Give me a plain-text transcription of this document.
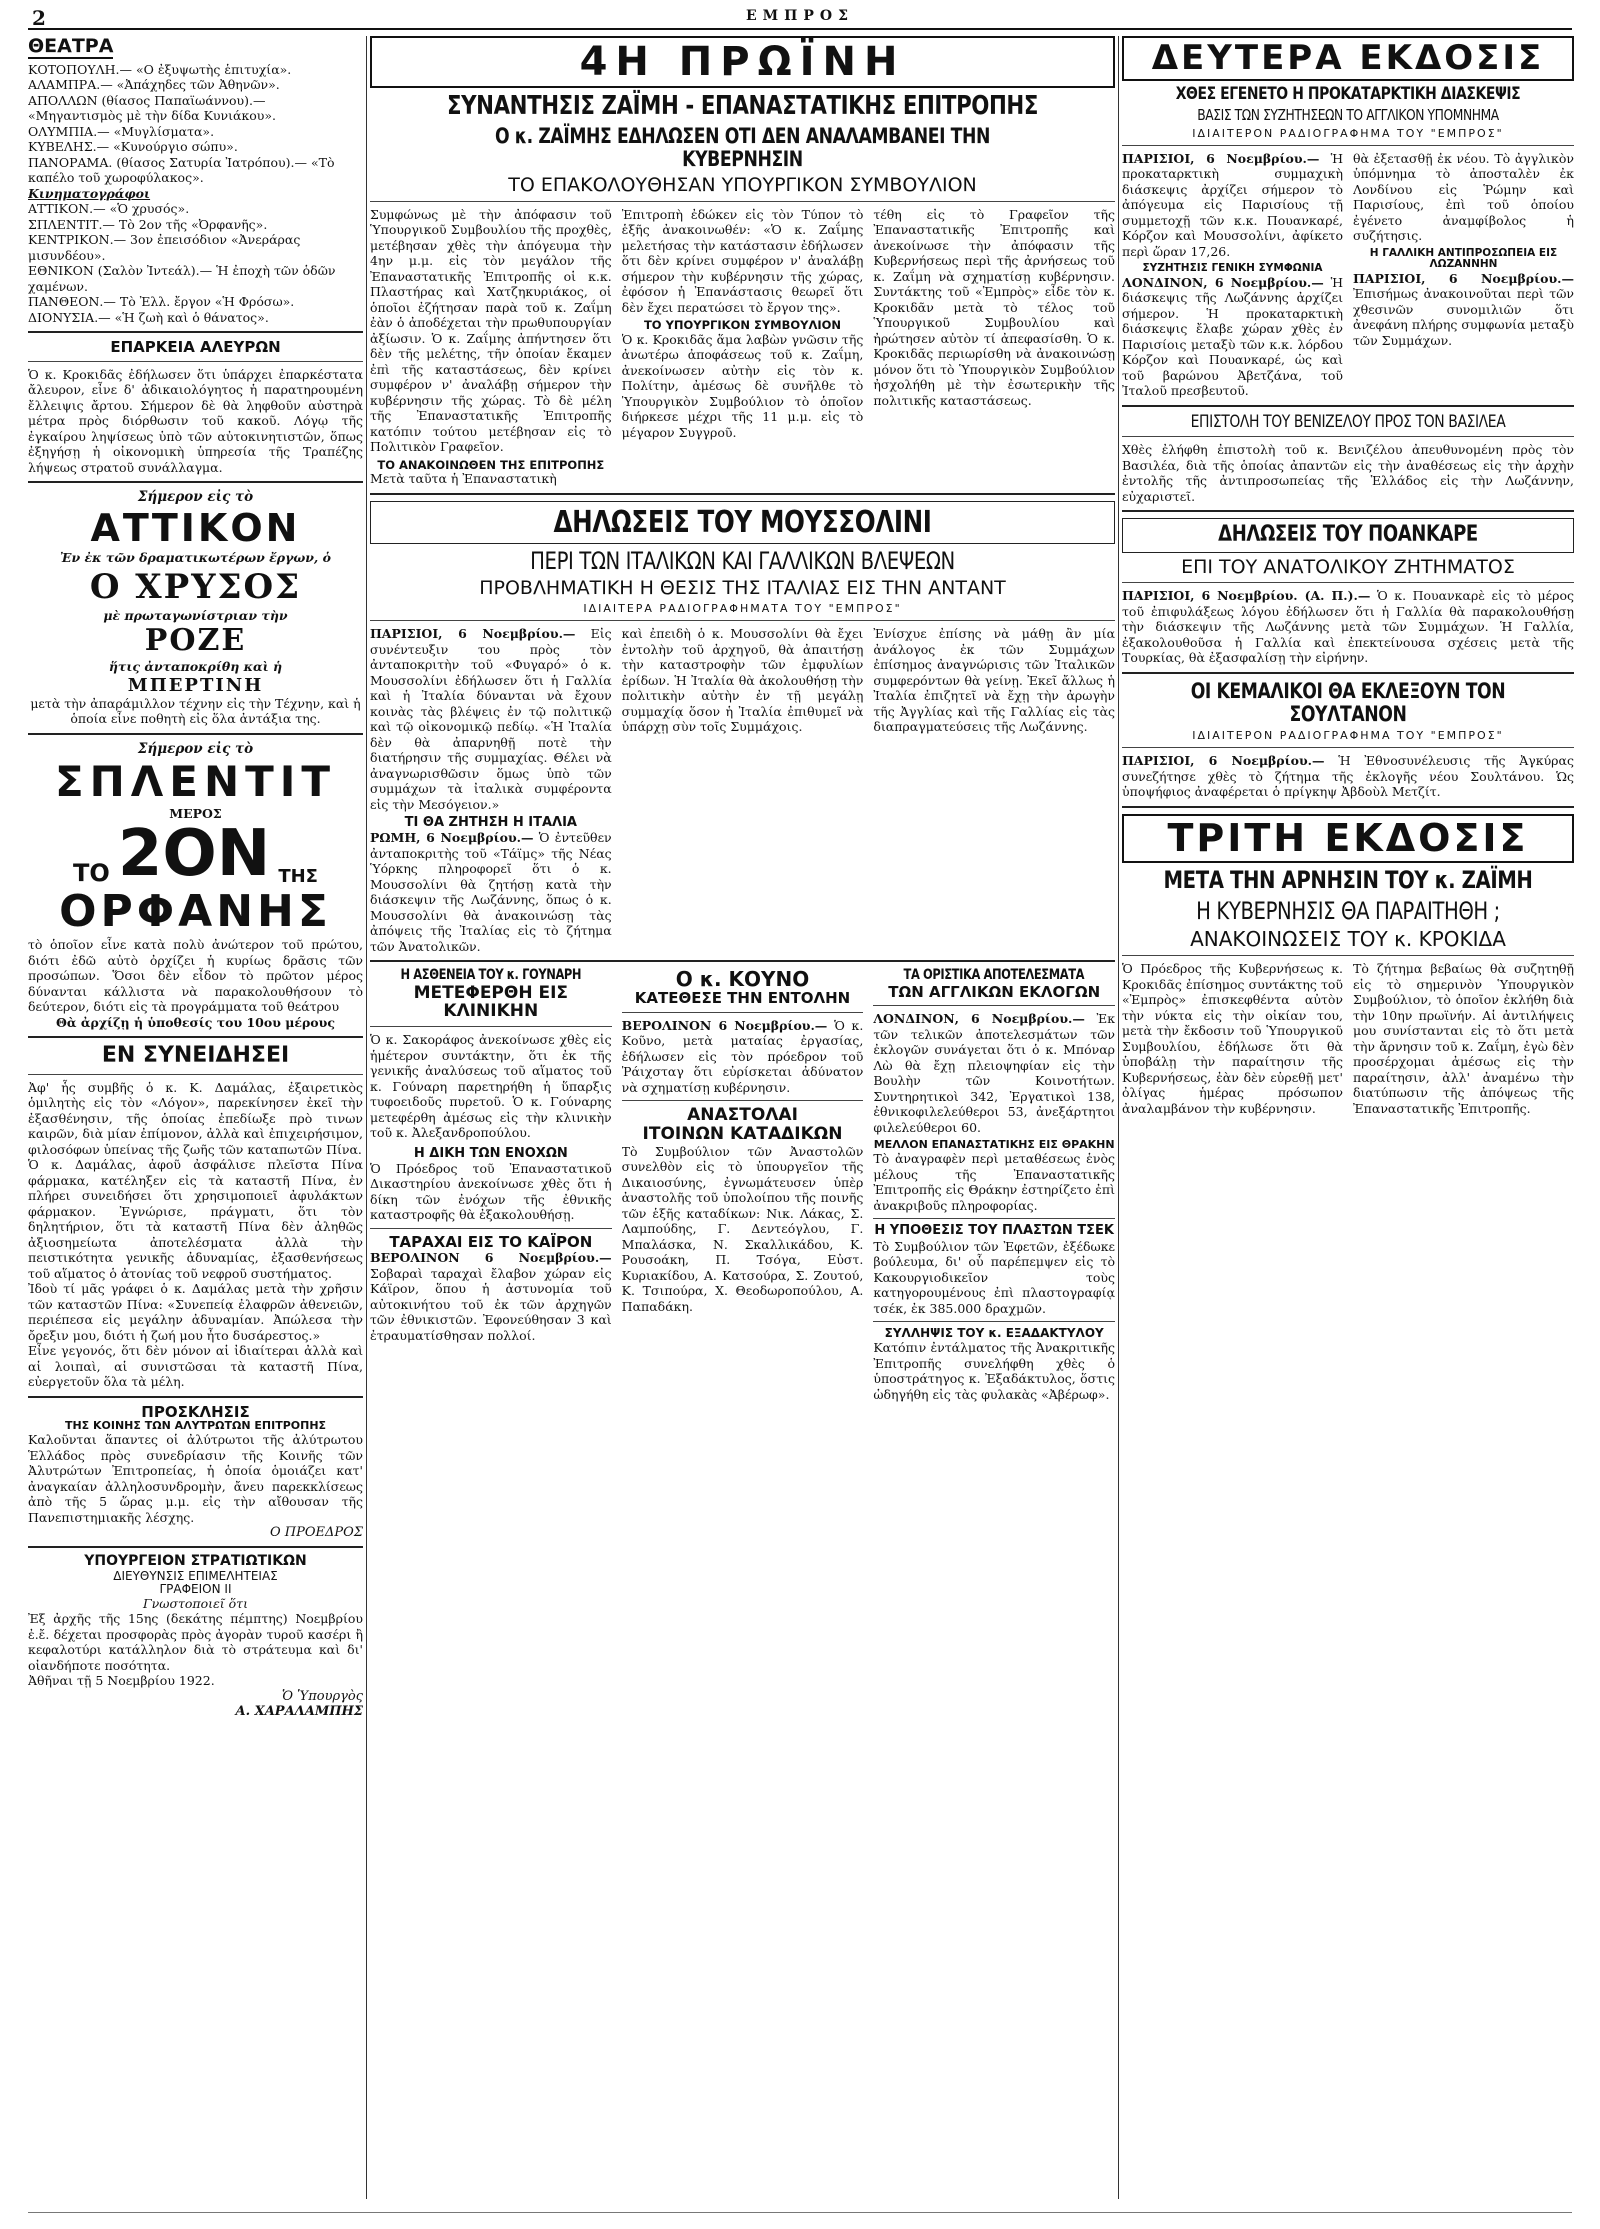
2	ΕΜΠΡΟΣ
ΘΕΑΤΡΑ
ΚΟΤΟΠΟΥΛΗ.— «Ο ἐξυψωτὴς ἑπιτυχία».
ΑΛΑΜΠΡΑ.— «Ἀπάχηδες τῶν Ἀθηνῶν».
ΑΠΟΛΛΩΝ (θίασος Παπαϊωάννου).— «Μηγαντισμὸς μὲ τὴν δίδα Κυνιάκου».
ΟΛΥΜΠΙΑ.— «Μυγλίσματα».
ΚΥΒΕΛΗΣ.— «Κυνούργιο σώπυ».
ΠΑΝΟΡΑΜΑ. (θίασος Σατυρία Ἰατρόπου).— «Τὸ καπέλο τοῦ χωροφύλακος».
Κινηματογράφοι
ΑΤΤΙΚΟΝ.— «Ὁ χρυσός».
ΣΠΛΕΝΤΙΤ.— Τὸ 2ον τῆς «Ὀρφανῆς».
ΚΕΝΤΡΙΚΟΝ.— 3ον ἐπεισόδιον «Ἀνεράρας μισυνδέου».
ΕΘΝΙΚΟΝ (Σαλὸν Ἰντεάλ).— Ἡ ἐποχὴ τῶν ὁδῶν χαμένων.
ΠΑΝΘΕΟΝ.— Τὸ Ἐλλ. ἔργον «Ἡ Φρόσω».
ΔΙΟΝΥΣΙΑ.— «Ἡ ζωὴ καὶ ὁ θάνατος».
ΕΠΑΡΚΕΙΑ ΑΛΕΥΡΩΝ

Ὁ κ. Κροκιδᾶς ἐδήλωσεν ὅτι ὑπάρχει ἐπαρκέστατα ἄλευρον, εἶνε δ' ἀδικαιολόγητος ἡ παρατηρουμένη ἔλλειψις ἄρτου. Σήμερον δὲ θὰ ληφθοῦν αὐστηρὰ μέτρα πρὸς διόρθωσιν τοῦ κακοῦ. Λόγῳ τῆς ἐγκαίρου ληψίσεως ὑπὸ τῶν αὐτοκινητιστῶν, ὅπως ἐξηγήσῃ ἡ οἰκονομικὴ ὑπηρεσία τῆς Τραπέζης λήψεως στρατοῦ συνάλλαγμα.

Σήμερον εἰς τὸ
ΑΤΤΙΚΟΝ
Ἐν ἐκ τῶν δραματικωτέρων ἔργων, ὁ
Ο ΧΡΥΣΟΣ
μὲ πρωταγωνίστριαν τὴν
ΡΟΖΕ
ἥτις ἀνταποκρίθη καὶ ἡ
ΜΠΕΡΤΙΝΗ
μετὰ τὴν ἀπαράμιλλον τέχνην εἰς τὴν Τέχνην, καὶ ἡ ὁποία εἶνε ποθητὴ εἰς ὅλα ἀντάξια της.
Σήμερον εἰς τὸ
ΣΠΛΕΝΤΙΤ
ΜΕΡΟΣ
ΤΟ 2ΟΝ ΤΗΣ
ΟΡΦΑΝΗΣ

τὸ ὁποῖον εἶνε κατὰ πολὺ ἀνώτερον τοῦ πρώτου, διότι ἐδῶ αὐτὸ ὀρχίζει ἡ κυρίως δρᾶσις τῶν προσώπων. Ὅσοι δὲν εἶδον τὸ πρῶτον μέρος δύνανται κάλλιστα νὰ παρακολουθήσουν τὸ δεύτερον, διότι εἰς τὰ προγράμματα τοῦ θεάτρου

Θὰ ἀρχίζῃ ἡ ὑποθεσίς του 10ου μέρους
ΕΝ ΣΥΝΕΙΔΗΣΕΙ

Ἀφ' ἧς συμβῆς ὁ κ. Κ. Δαμάλας, ἐξαιρετικὸς ὁμιλητὴς εἰς τὸν «Λόγον», παρεκίνησεν ἐκεῖ τὴν ἐξασθένησιν, τῆς ὁποίας ἐπεδίωξε πρὸ τινων καιρῶν, διὰ μίαν ἐπίμονον, ἀλλὰ καὶ ἐπιχειρήσιμον, φιλοσόφων ὑπείνας τῆς ζωῆς τῶν καταπωτῶν Πίνα.

Ὁ κ. Δαμάλας, ἀφοῦ ἀσφάλισε πλεῖστα Πίνα φάρμακα, κατέληξεν εἰς τὰ καταστῆ Πίνα, ἐν πλήρει συνειδήσει ὅτι χρησιμοποιεῖ ἀφυλάκτων φάρμακον. Ἐγνώρισε, πράγματι, ὅτι τὸν δηλητήριον, ὅτι τὰ καταστῆ Πίνα δὲν ἀληθῶς ἀξιοσημείωτα ἀποτελέσματα ἀλλὰ τὴν πειστικότητα γενικῆς ἀδυναμίας, ἐξασθενήσεως τοῦ αἵματος ὁ ἀτονίας τοῦ νεφροῦ συστήματος.

Ἰδοὺ τί μᾶς γράφει ὁ κ. Δαμάλας μετὰ τὴν χρῆσιν τῶν καταστῶν Πίνα: «Συνεπείᾳ ἐλαφρῶν ἀθενειῶν, περιέπεσα εἰς μεγάλην ἀδυναμίαν. Ἀπώλεσα τὴν ὄρεξιν μου, διότι ἡ ζωή μου ἦτο δυσάρεστος.»

Εἶνε γεγονός, ὅτι δὲν μόνον αἱ ἰδιαίτεραι ἀλλὰ καὶ αἱ λοιπαὶ, αἱ συνιστῶσαι τὰ καταστῆ Πίνα, εὐεργετοῦν ὅλα τὰ μέλη.

ΠΡΟΣΚΛΗΣΙΣ
ΤΗΣ ΚΟΙΝΗΣ ΤΩΝ ΑΛΥΤΡΩΤΩΝ ΕΠΙΤΡΟΠΗΣ

Καλοῦνται ἅπαντες οἱ ἀλύτρωτοι τῆς ἀλύτρωτου Ἑλλάδος πρὸς συνεδρίασιν τῆς Κοινῆς τῶν Ἀλυτρώτων Ἐπιτροπείας, ἡ ὁποία ὁμοιάζει κατ' ἀναγκαίαν ἀλληλοσυνδρομὴν, ἄνευ παρεκκλίσεως ἀπὸ τῆς 5 ὥρας μ.μ. εἰς τὴν αἴθουσαν τῆς Πανεπιστημιακῆς λέσχης.

Ο ΠΡΟΕΔΡΟΣ
ΥΠΟΥΡΓΕΙΟΝ ΣΤΡΑΤΙΩΤΙΚΩΝ
ΔΙΕΥΘΥΝΣΙΣ ΕΠΙΜΕΛΗΤΕΙΑΣ
ΓΡΑΦΕΙΟΝ ΙΙ
Γνωστοποιεῖ ὅτι

Ἐξ ἀρχῆς τῆς 15ης (δεκάτης πέμπτης) Νοεμβρίου ἐ.ἔ. δέχεται προσφορὰς πρὸς ἀγορὰν τυροῦ κασέρι ἢ κεφαλοτύρι κατάλληλον διὰ τὸ στράτευμα καὶ δι' οἰανδήποτε ποσότητα.

Ἀθῆναι τῇ 5 Νοεμβρίου 1922.
Ὁ Ὑπουργὸς
Α. ΧΑΡΑΛΑΜΠΗΣ
4Η ΠΡΩΪΝΗ
ΣΥΝΑΝΤΗΣΙΣ ΖΑΪΜΗ - ΕΠΑΝΑΣΤΑΤΙΚΗΣ ΕΠΙΤΡΟΠΗΣ
Ο κ. ΖΑΪΜΗΣ ΕΔΗΛΩΣΕΝ ΟΤΙ ΔΕΝ ΑΝΑΛΑΜΒΑΝΕΙ ΤΗΝ ΚΥΒΕΡΝΗΣΙΝ
ΤΟ ΕΠΑΚΟΛΟΥΘΗΣΑΝ ΥΠΟΥΡΓΙΚΟΝ ΣΥΜΒΟΥΛΙΟΝ

Συμφώνως μὲ τὴν ἀπόφασιν τοῦ Ὑπουργικοῦ Συμβουλίου τῆς προχθὲς, μετέβησαν χθὲς τὴν ἀπόγευμα τὴν 4ην μ.μ. εἰς τὸν μεγάλον τῆς Ἐπαναστατικῆς Ἐπιτροπῆς οἱ κ.κ. Πλαστήρας καὶ Χατζηκυριάκος, οἱ ὁποῖοι ἐζήτησαν παρὰ τοῦ κ. Ζαΐμη ἐὰν ὁ ἀποδέχεται τὴν πρωθυπουργίαν ἀξίωσιν. Ὁ κ. Ζαΐμης ἀπήντησεν ὅτι δὲν τῆς μελέτης, τῆν ὁποίαν ἔκαμεν ἐπὶ τῆς καταστάσεως, δὲν κρίνει συμφέρον ν' ἀναλάβῃ σήμερον τὴν κυβέρνησιν τῆς χώρας. Τὸ δὲ μέλη τῆς Ἐπαναστατικῆς Ἐπιτροπῆς κατόπιν τούτου μετέβησαν εἰς τὸ Πολιτικὸν Γραφεῖον.

ΤΟ ΑΝΑΚΟΙΝΩΘΕΝ ΤΗΣ ΕΠΙΤΡΟΠΗΣ

Μετὰ ταῦτα ἡ Ἐπαναστατικὴ

Ἐπιτροπὴ ἐδώκεν εἰς τὸν Τύπον τὸ ἑξῆς ἀνακοινωθέν: «Ὁ κ. Ζαΐμης μελετήσας τὴν κατάστασιν ἐδήλωσεν ὅτι δὲν κρίνει συμφέρον ν' ἀναλάβῃ σήμερον τὴν κυβέρνησιν τῆς χώρας, ἐφόσον ἡ Ἐπανάστασις θεωρεῖ ὅτι δὲν ἔχει περατώσει τὸ ἔργον της».

ΤΟ ΥΠΟΥΡΓΙΚΟΝ ΣΥΜΒΟΥΛΙΟΝ

Ὁ κ. Κροκιδᾶς ἅμα λαβὼν γνῶσιν τῆς ἀνωτέρω ἀποφάσεως τοῦ κ. Ζαΐμη, ἀνεκοίνωσεν αὐτὴν εἰς τὸν κ. Πολίτην, ἀμέσως δὲ συνῆλθε τὸ Ὑπουργικὸν Συμβούλιον τὸ ὁποῖον διήρκεσε μέχρι τῆς 11 μ.μ. εἰς τὸ μέγαρον Συγγροῦ.

τέθη εἰς τὸ Γραφεῖον τῆς Ἐπαναστατικῆς Ἐπιτροπῆς καὶ ἀνεκοίνωσε τὴν ἀπόφασιν τῆς Κυβερνήσεως περὶ τῆς ἀρνήσεως τοῦ κ. Ζαΐμη νὰ σχηματίσῃ κυβέρνησιν. Συντάκτης τοῦ «Ἐμπρὸς» εἶδε τὸν κ. Κροκιδᾶν μετὰ τὸ τέλος τοῦ Ὑπουργικοῦ Συμβουλίου καὶ ἠρώτησεν αὐτὸν τί ἀπεφασίσθη. Ὁ κ. Κροκιδᾶς περιωρίσθη νὰ ἀνακοινώσῃ μόνον ὅτι τὸ Ὑπουργικὸν Συμβούλιον ἠσχολήθη μὲ τὴν ἐσωτερικὴν τῆς πολιτικῆς καταστάσεως.

ΔΗΛΩΣΕΙΣ ΤΟΥ ΜΟΥΣΣΟΛΙΝΙ
ΠΕΡΙ ΤΩΝ ΙΤΑΛΙΚΩΝ ΚΑΙ ΓΑΛΛΙΚΩΝ ΒΛΕΨΕΩΝ
ΠΡΟΒΛΗΜΑΤΙΚΗ Η ΘΕΣΙΣ ΤΗΣ ΙΤΑΛΙΑΣ ΕΙΣ ΤΗΝ ΑΝΤΑΝΤ
ΙΔΙΑΙΤΕΡΑ ΡΑΔΙΟΓΡΑΦΗΜΑΤΑ ΤΟΥ "ΕΜΠΡΟΣ"

ΠΑΡΙΣΙΟΙ, 6 Νοεμβρίου.— Εἰς συνέντευξιν του πρὸς τὸν ἀνταποκριτὴν τοῦ «Φυγαρό» ὁ κ. Μουσσολίνι ἐδήλωσεν ὅτι ἡ Γαλλία καὶ ἡ Ἰταλία δύνανται νὰ ἔχουν κοινὰς τὰς βλέψεις ἐν τῷ πολιτικῷ καὶ τῷ οἰκονομικῷ πεδίῳ. «Ἡ Ἰταλία δὲν θὰ ἀπαρνηθῇ ποτὲ τὴν διατήρησιν τῆς συμμαχίας. Θέλει νὰ ἀναγνωρισθῶσιν ὅμως ὑπὸ τῶν συμμάχων τὰ ἰταλικὰ συμφέροντα εἰς τὴν Μεσόγειον.»

ΤΙ ΘΑ ΖΗΤΗΣΗ Η ΙΤΑΛΙΑ

ΡΩΜΗ, 6 Νοεμβρίου.— Ὁ ἐντεῦθεν ἀνταποκριτὴς τοῦ «Τάϊμς» τῆς Νέας Ὑόρκης πληροφορεῖ ὅτι ὁ κ. Μουσσολίνι θὰ ζητήσῃ κατὰ τὴν διάσκεψιν τῆς Λωζάννης, ὅπως ὁ κ. Μουσσολίνι θὰ ἀνακοινώσῃ τὰς ἀπόψεις τῆς Ἰταλίας εἰς τὸ ζήτημα τῶν Ἀνατολικῶν.

καὶ ἐπειδὴ ὁ κ. Μουσσολίνι θὰ ἔχει ἐντολὴν τοῦ ἀρχηγοῦ, θὰ ἀπαιτήσῃ τὴν καταστροφὴν τῶν ἐμφυλίων ἐρίδων. Ἡ Ἰταλία θὰ ἀκολουθήσῃ τὴν πολιτικὴν αὐτὴν ἐν τῇ μεγάλῃ συμμαχίᾳ ὅσον ἡ Ἰταλία ἐπιθυμεῖ νὰ ὑπάρχῃ σὺν τοῖς Συμμάχοις.

Ἐνίσχυε ἐπίσης νὰ μάθῃ ἂν μία ἀνάλογος ἐκ τῶν Συμμάχων ἐπίσημος ἀναγνώρισις τῶν Ἰταλικῶν συμφερόντων θὰ γείνῃ. Ἐκεῖ ἄλλως ἡ Ἰταλία ἐπιζητεῖ νὰ ἔχῃ τὴν ἀρωγὴν τῆς Ἀγγλίας καὶ τῆς Γαλλίας εἰς τὰς διαπραγματεύσεις τῆς Λωζάννης.

Η ΑΣΘΕΝΕΙΑ ΤΟΥ κ. ΓΟΥΝΑΡΗ
ΜΕΤΕΦΕΡΘΗ ΕΙΣ ΚΛΙΝΙΚΗΝ

Ὁ κ. Σακοράφος ἀνεκοίνωσε χθὲς εἰς ἡμέτερον συντάκτην, ὅτι ἐκ τῆς γενικῆς ἀναλύσεως τοῦ αἵματος τοῦ κ. Γούναρη παρετηρήθη ἡ ὕπαρξις τυφοειδοῦς πυρετοῦ. Ὁ κ. Γούναρης μετεφέρθη ἀμέσως εἰς τὴν κλινικὴν τοῦ κ. Ἀλεξανδροπούλου.

Η ΔΙΚΗ ΤΩΝ ΕΝΟΧΩΝ

Ὁ Πρόεδρος τοῦ Ἐπαναστατικοῦ Δικαστηρίου ἀνεκοίνωσε χθὲς ὅτι ἡ δίκη τῶν ἐνόχων τῆς ἐθνικῆς καταστροφῆς θὰ ἐξακολουθήσῃ.

ΤΑΡΑΧΑΙ ΕΙΣ ΤΟ ΚΑΪΡΟΝ

ΒΕΡΟΛΙΝΟΝ 6 Νοεμβρίου.— Σοβαραὶ ταραχαὶ ἔλαβον χώραν εἰς Κάϊρον, ὅπου ἡ ἀστυνομία τοῦ αὐτοκινήτου τοῦ ἐκ τῶν ἀρχηγῶν τῶν ἐθνικιστῶν. Ἐφονεύθησαν 3 καὶ ἐτραυματίσθησαν πολλοί.

Ο κ. ΚΟΥΝΟ
ΚΑΤΕΘΕΣΕ ΤΗΝ ΕΝΤΟΛΗΝ

ΒΕΡΟΛΙΝΟΝ 6 Νοεμβρίου.— Ὁ κ. Κοῦνο, μετὰ ματαίας ἐργασίας, ἐδήλωσεν εἰς τὸν πρόεδρον τοῦ Ῥάιχσταγ ὅτι εὐρίσκεται ἀδύνατον νὰ σχηματίσῃ κυβέρνησιν.

ΑΝΑΣΤΟΛΑΙ
ΙΤΟΙΝΩΝ ΚΑΤΑΔΙΚΩΝ

Τὸ Συμβούλιον τῶν Ἀναστολῶν συνελθὸν εἰς τὸ ὑπουργεῖον τῆς Δικαιοσύνης, ἐγνωμάτευσεν ὑπὲρ ἀναστολῆς τοῦ ὑπολοίπου τῆς ποινῆς τῶν ἑξῆς καταδίκων: Νικ. Λάκας, Σ. Λαμπούδης, Γ. Δεντεόγλου, Γ. Μπαλάσκα, Ν. Σκαλλικάδου, Κ. Ρουσοάκη, Π. Τσόγα, Εὐστ. Κυριακίδου, Α. Κατσούρα, Σ. Ζουτού, Κ. Τσιπούρα, Χ. Θεοδωροπούλου, Α. Παπαδάκη.

ΤΑ ΟΡΙΣΤΙΚΑ ΑΠΟΤΕΛΕΣΜΑΤΑ
ΤΩΝ ΑΓΓΛΙΚΩΝ ΕΚΛΟΓΩΝ

ΛΟΝΔΙΝΟΝ, 6 Νοεμβρίου.— Ἐκ τῶν τελικῶν ἀποτελεσμάτων τῶν ἐκλογῶν συνάγεται ὅτι ὁ κ. Μπόναρ Λὼ θὰ ἔχῃ πλειοψηφίαν εἰς τὴν Βουλὴν τῶν Κοινοτήτων. Συντηρητικοὶ 342, Ἐργατικοὶ 138, ἐθνικοφιλελεύθεροι 53, ἀνεξάρτητοι φιλελεύθεροι 60.

ΜΕΛΛΟΝ ΕΠΑΝΑΣΤΑΤΙΚΗΣ ΕΙΣ ΘΡΑΚΗΝ

Τὸ ἀναγραφὲν περὶ μεταθέσεως ἑνὸς μέλους τῆς Ἐπαναστατικῆς Ἐπιτροπῆς εἰς Θράκην ἐστηρίζετο ἐπὶ ἀνακριβοῦς πληροφορίας.

Η ΥΠΟΘΕΣΙΣ ΤΟΥ ΠΛΑΣΤΩΝ ΤΣΕΚ

Τὸ Συμβούλιον τῶν Ἐφετῶν, ἐξέδωκε βούλευμα, δι' οὗ παρέπεμψεν εἰς τὸ Κακουργιοδικεῖον τοὺς κατηγορουμένους ἐπὶ πλαστογραφίᾳ τσέκ, ἐκ 385.000 δραχμῶν.

ΣΥΛΛΗΨΙΣ ΤΟΥ κ. ΕΞΑΔΑΚΤΥΛΟΥ

Κατόπιν ἐντάλματος τῆς Ἀνακριτικῆς Ἐπιτροπῆς συνελήφθη χθὲς ὁ ὑποστράτηγος κ. Ἐξαδάκτυλος, ὅστις ὡδηγήθη εἰς τὰς φυλακὰς «Ἀβέρωφ».

ΔΕΥΤΕΡΑ ΕΚΔΟΣΙΣ
ΧΘΕΣ ΕΓΕΝΕΤΟ Η ΠΡΟΚΑΤΑΡΚΤΙΚΗ ΔΙΑΣΚΕΨΙΣ
ΒΑΣΙΣ ΤΩΝ ΣΥΖΗΤΗΣΕΩΝ ΤΟ ΑΓΓΛΙΚΟΝ ΥΠΟΜΝΗΜΑ
ΙΔΙΑΙΤΕΡΟΝ ΡΑΔΙΟΓΡΑΦΗΜΑ ΤΟΥ "ΕΜΠΡΟΣ"

ΠΑΡΙΣΙΟΙ, 6 Νοεμβρίου.— Ἡ προκαταρκτικὴ συμμαχικὴ διάσκεψις ἀρχίζει σήμερον τὸ ἀπόγευμα εἰς Παρισίους τῇ συμμετοχῇ τῶν κ.κ. Πουανκαρέ, Κόρζον καὶ Μουσσολίνι, ἀφίκετο περὶ ὥραν 17,26.

ΣΥΖΗΤΗΣΙΣ ΓΕΝΙΚΗ ΣΥΜΦΩΝΙΑ

ΛΟΝΔΙΝΟΝ, 6 Νοεμβρίου.— Ἡ διάσκεψις τῆς Λωζάννης ἀρχίζει σήμερον. Ἡ προκαταρκτικὴ διάσκεψις ἔλαβε χώραν χθὲς ἐν Παρισίοις μεταξὺ τῶν κ.κ. λόρδου Κόρζον καὶ Πουανκαρέ, ὡς καὶ τοῦ βαρώνου Ἀβετζάνα, τοῦ Ἰταλοῦ πρεσβευτοῦ.

θὰ ἐξετασθῇ ἐκ νέου. Τὸ ἀγγλικὸν ὑπόμνημα τὸ ἀποσταλὲν ἐκ Λονδίνου εἰς Ῥώμην καὶ Παρισίους, ἐπὶ τοῦ ὁποίου ἐγένετο ἀναμφίβολος ἡ συζήτησις.

Η ΓΑΛΛΙΚΗ ΑΝΤΙΠΡΟΣΩΠΕΙΑ ΕΙΣ ΛΩΖΑΝΝΗΝ

ΠΑΡΙΣΙΟΙ, 6 Νοεμβρίου.— Ἐπισήμως ἀνακοινοῦται περὶ τῶν χθεσινῶν συνομιλιῶν ὅτι ἀνεφάνη πλήρης συμφωνία μεταξὺ τῶν Συμμάχων.

ΕΠΙΣΤΟΛΗ ΤΟΥ ΒΕΝΙΖΕΛΟΥ ΠΡΟΣ ΤΟΝ ΒΑΣΙΛΕΑ

Χθὲς ἐλήφθη ἐπιστολὴ τοῦ κ. Βενιζέλου ἀπευθυνομένη πρὸς τὸν Βασιλέα, διὰ τῆς ὁποίας ἀπαντῶν εἰς τὴν ἀναθέσεως εἰς τὴν ἀρχὴν ἐντολῆς τῆς ἀντιπροσωπείας τῆς Ἑλλάδος εἰς τὴν Λωζάννην, εὐχαριστεῖ.

ΔΗΛΩΣΕΙΣ ΤΟΥ ΠΟΑΝΚΑΡΕ
ΕΠΙ ΤΟΥ ΑΝΑΤΟΛΙΚΟΥ ΖΗΤΗΜΑΤΟΣ

ΠΑΡΙΣΙΟΙ, 6 Νοεμβρίου. (Α. Π.).— Ὁ κ. Πουανκαρὲ εἰς τὸ μέρος τοῦ ἐπιφυλάξεως λόγου ἐδήλωσεν ὅτι ἡ Γαλλία θὰ παρακολουθήσῃ τὴν διάσκεψιν τῆς Λωζάννης μετὰ τῶν Συμμάχων. Ἡ Γαλλία, ἐξακολουθοῦσα ἡ Γαλλία καὶ ἐπεκτείνουσα σχέσεις μετὰ τῆς Τουρκίας, θὰ ἐξασφαλίσῃ τὴν εἰρήνην.

ΟΙ ΚΕΜΑΛΙΚΟΙ ΘΑ ΕΚΛΕΞΟΥΝ ΤΟΝ ΣΟΥΛΤΑΝΟΝ
ΙΔΙΑΙΤΕΡΟΝ ΡΑΔΙΟΓΡΑΦΗΜΑ ΤΟΥ "ΕΜΠΡΟΣ"

ΠΑΡΙΣΙΟΙ, 6 Νοεμβρίου.— Ἡ Ἐθνοσυνέλευσις τῆς Ἀγκύρας συνεζήτησε χθὲς τὸ ζήτημα τῆς ἐκλογῆς νέου Σουλτάνου. Ὡς ὑποψήφιος ἀναφέρεται ὁ πρίγκηψ Ἀβδοὺλ Μετζίτ.

ΤΡΙΤΗ ΕΚΔΟΣΙΣ
ΜΕΤΑ ΤΗΝ ΑΡΝΗΣΙΝ ΤΟΥ κ. ΖΑΪΜΗ
Η ΚΥΒΕΡΝΗΣΙΣ ΘΑ ΠΑΡΑΙΤΗΘΗ ;
ΑΝΑΚΟΙΝΩΣΕΙΣ ΤΟΥ κ. ΚΡΟΚΙΔΑ

Ὁ Πρόεδρος τῆς Κυβερνήσεως κ. Κροκιδᾶς ἐπίσημος συντάκτης τοῦ «Ἐμπρὸς» ἐπισκεφθέντα αὐτὸν τὴν νύκτα εἰς τὴν οἰκίαν του, μετὰ τὴν ἔκδοσιν τοῦ Ὑπουργικοῦ Συμβουλίου, ἐδήλωσε ὅτι θὰ ὑποβάλῃ τὴν παραίτησιν τῆς Κυβερνήσεως, ἐὰν δὲν εὑρεθῇ μετ' ὀλίγας ἡμέρας πρόσωπον ἀναλαμβάνον τὴν κυβέρνησιν.

Τὸ ζήτημα βεβαίως θὰ συζητηθῇ εἰς τὸ σημερινὸν Ὑπουργικὸν Συμβούλιον, τὸ ὁποῖον ἐκλήθη διὰ τὴν 10ην πρωϊνήν. Αἱ ἀντιλήψεις μου συνίστανται εἰς τὸ ὅτι μετὰ τὴν ἄρνησιν τοῦ κ. Ζαΐμη, ἐγὼ δὲν προσέρχομαι ἀμέσως εἰς τὴν παραίτησιν, ἀλλ' ἀναμένω τὴν διατύπωσιν τῆς ἀπόψεως τῆς Ἐπαναστατικῆς Ἐπιτροπῆς.
